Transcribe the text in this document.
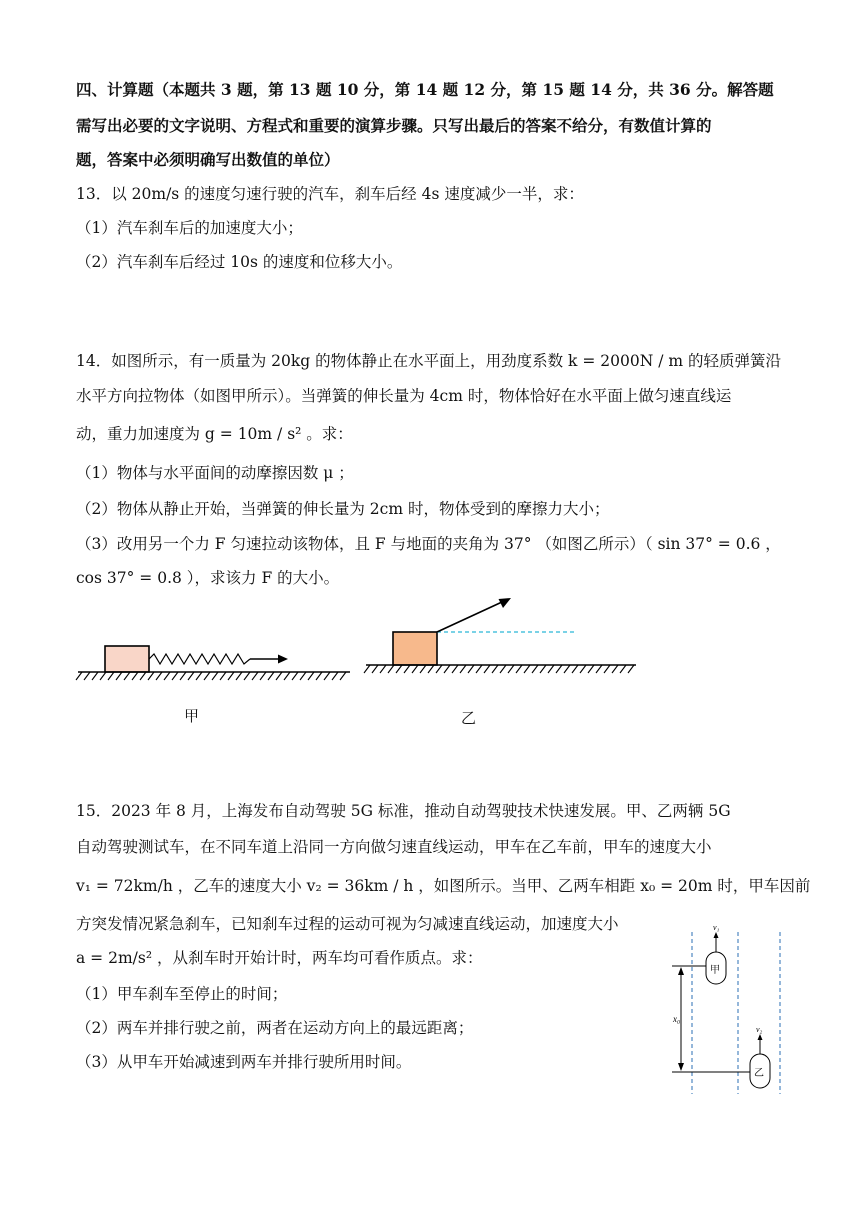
四、计算题（本题共 3 题，第 13 题 10 分，第 14 题 12 分，第 15 题 14 分，共 36 分。解答题
需写出必要的文字说明、方程式和重要的演算步骤。只写出最后的答案不给分，有数值计算的
题，答案中必须明确写出数值的单位）
13．以 20m/s 的速度匀速行驶的汽车，刹车后经 4s 速度减少一半，求：
（1）汽车刹车后的加速度大小；
（2）汽车刹车后经过 10s 的速度和位移大小。
14．如图所示，有一质量为 20kg 的物体静止在水平面上，用劲度系数 k = 2000N / m 的轻质弹簧沿
水平方向拉物体（如图甲所示）。当弹簧的伸长量为 4cm 时，物体恰好在水平面上做匀速直线运
动，重力加速度为 g = 10m / s² 。求：
（1）物体与水平面间的动摩擦因数 μ ；
（2）物体从静止开始，当弹簧的伸长量为 2cm 时，物体受到的摩擦力大小；
（3）改用另一个力 F 匀速拉动该物体，且 F 与地面的夹角为 37° （如图乙所示）（ sin 37° = 0.6 ，
cos 37° = 0.8 ），求该力 F 的大小。
甲	乙
15．2023 年 8 月，上海发布自动驾驶 5G 标准，推动自动驾驶技术快速发展。甲、乙两辆 5G
自动驾驶测试车，在不同车道上沿同一方向做匀速直线运动，甲车在乙车前，甲车的速度大小
v₁ = 72km/h ，乙车的速度大小 v₂ = 36km / h ，如图所示。当甲、乙两车相距 x₀ = 20m 时，甲车因前
方突发情况紧急刹车，已知刹车过程的运动可视为匀减速直线运动，加速度大小
a = 2m/s² ，从刹车时开始计时，两车均可看作质点。求：
（1）甲车刹车至停止的时间；
（2）两车并排行驶之前，两者在运动方向上的最远距离；
（3）从甲车开始减速到两车并排行驶所用时间。
x₀
甲
v₁
乙
v₂
